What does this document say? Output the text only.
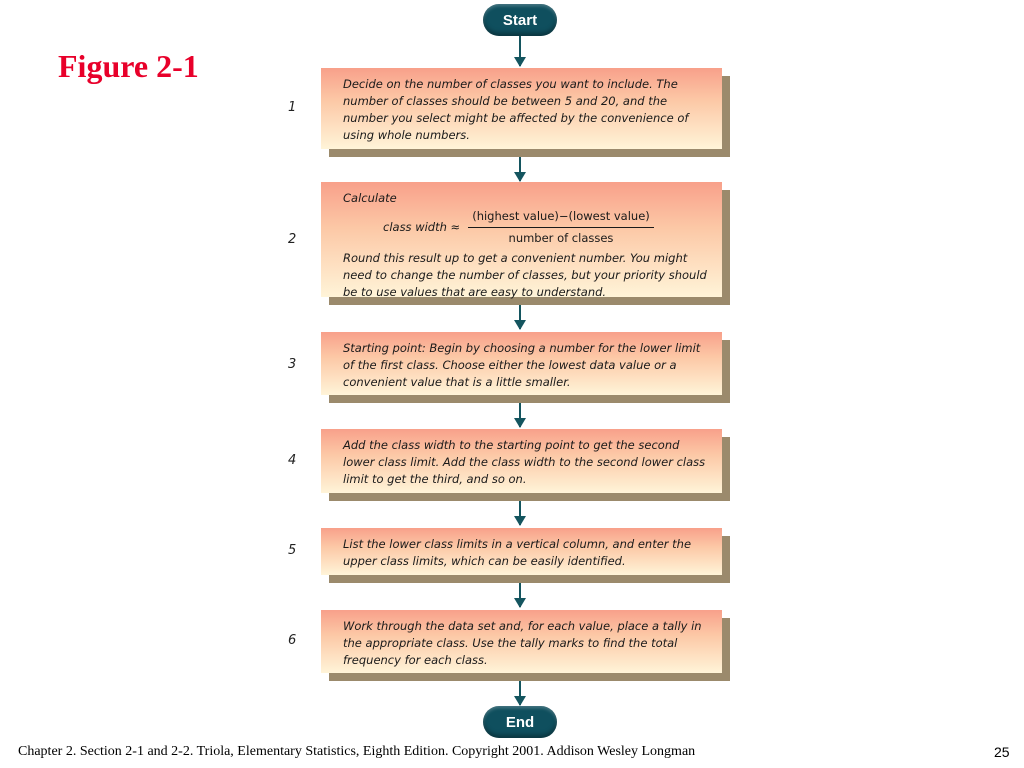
Figure 2-1
Start
1

Decide on the number of classes you want to include. The number of classes should be between 5 and 20, and the number you select might be affected by the convenience of using whole numbers.

2

Calculate

class width ≈ $\frac{\text{(highest value)−(lowest value)}}{\text{number of classes}}$

Round this result up to get a convenient number. You might need to change the number of classes, but your priority should be to use values that are easy to understand.

3

Starting point: Begin by choosing a number for the lower limit of the first class. Choose either the lowest data value or a convenient value that is a little smaller.

4

Add the class width to the starting point to get the second lower class limit. Add the class width to the second lower class limit to get the third, and so on.

5	List the lower class limits in a vertical column, and enter the upper class limits, which can be easily identified.

6

Work through the data set and, for each value, place a tally in the appropriate class. Use the tally marks to find the total frequency for each class.

End
Chapter 2. Section 2-1 and 2-2. Triola, Elementary Statistics, Eighth Edition. Copyright 2001. Addison Wesley Longman	25
